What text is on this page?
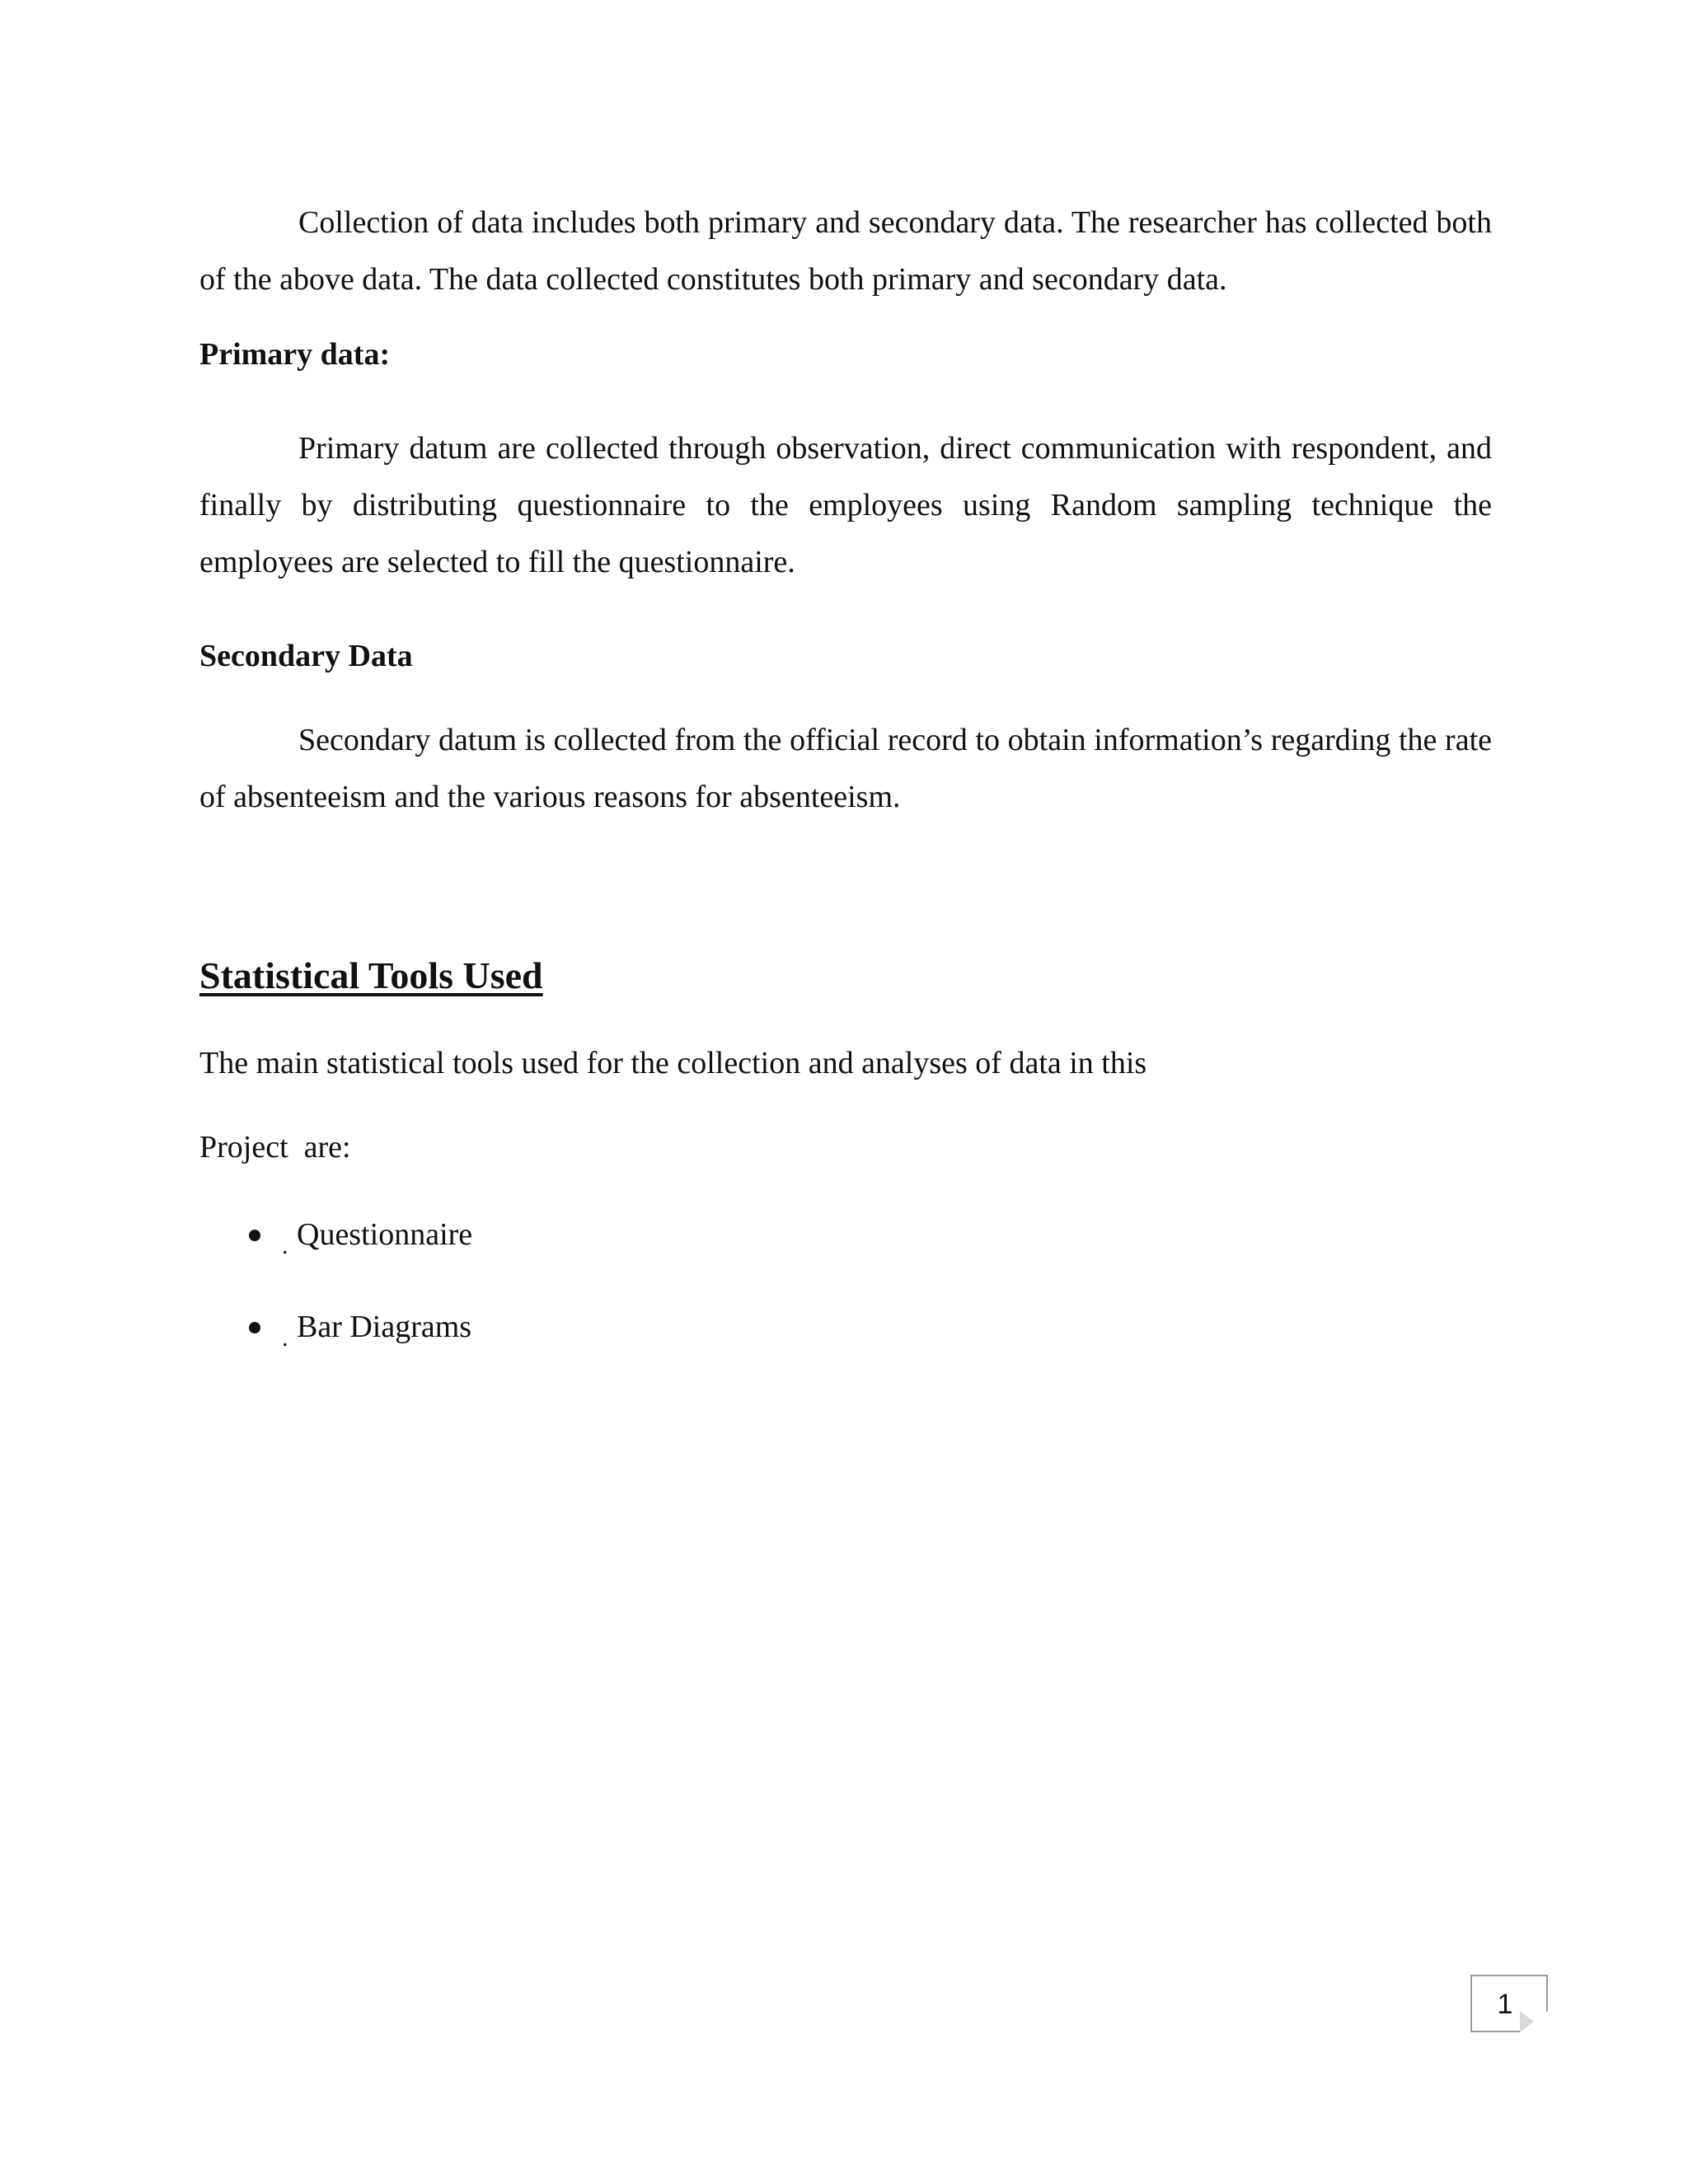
Collection of data includes both primary and secondary data. The researcher has collected both of the above data. The data collected constitutes both primary and secondary data.

Primary data:

Primary datum are collected through observation, direct communication with respondent, and finally by distributing questionnaire to the employees using Random sampling technique the employees are selected to fill the questionnaire.

Secondary Data

Secondary datum is collected from the official record to obtain information’s regarding the rate of absenteeism and the various reasons for absenteeism.

Statistical Tools Used

The main statistical tools used for the collection and analyses of data in this

Project  are:

. Questionnaire
. Bar Diagrams
1
